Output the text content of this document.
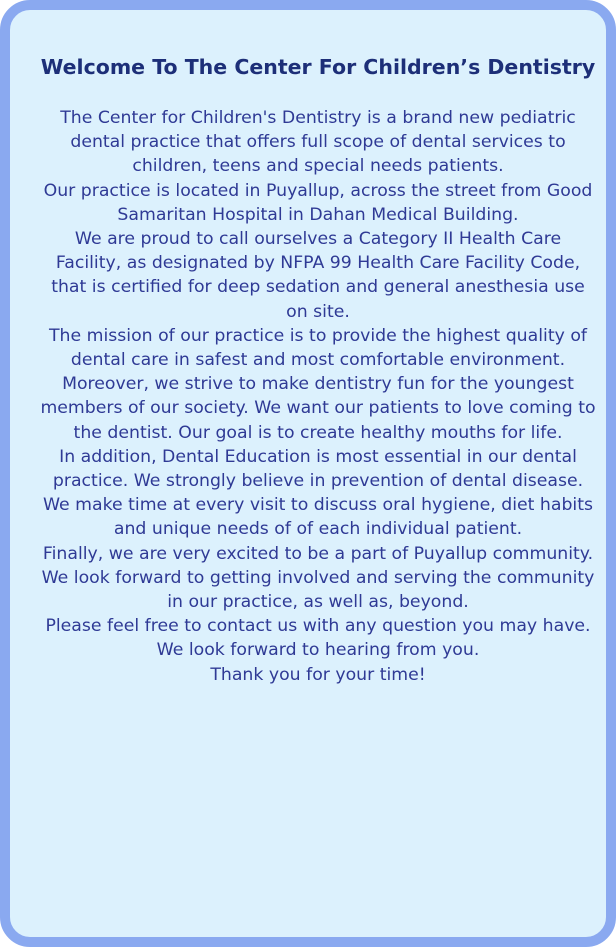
Welcome To The Center For Children’s Dentistry

The Center for Children's Dentistry is a brand new pediatric dental practice that offers full scope of dental services to children, teens and special needs patients.

Our practice is located in Puyallup, across the street from Good Samaritan Hospital in Dahan Medical Building.

We are proud to call ourselves a Category II Health Care Facility, as designated by NFPA 99 Health Care Facility Code, that is certified for deep sedation and general anesthesia use on site.

The mission of our practice is to provide the highest quality of dental care in safest and most comfortable environment.

Moreover, we strive to make dentistry fun for the youngest members of our society. We want our patients to love coming to the dentist. Our goal is to create healthy mouths for life.

In addition, Dental Education is most essential in our dental practice. We strongly believe in prevention of dental disease. We make time at every visit to discuss oral hygiene, diet habits and unique needs of of each individual patient.

Finally, we are very excited to be a part of Puyallup community. We look forward to getting involved and serving the community in our practice, as well as, beyond.

Please feel free to contact us with any question you may have. We look forward to hearing from you.

Thank you for your time!
